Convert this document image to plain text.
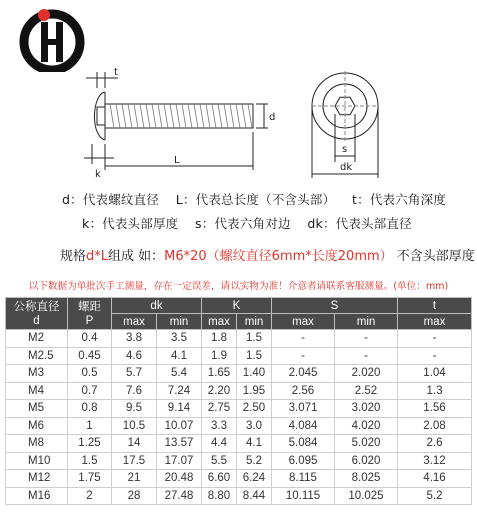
t
d
k
L
s
dk
d：代表螺纹直径 L：代表总长度（不含头部） t：代表六角深度
k：代表头部厚度 s：代表六角对边 dk：代表头部直径
规格d*L组成 如：M6*20（螺纹直径6mm*长度20mm） 不含头部厚度
以下数据为单批次手工测量，存在一定误差，请以实物为准！介意者请联系客服测量。(单位：mm)
公称直径
d	螺距
P	dk		K		S		t
		max	min	max	min	max	min	max
M2	0.4	3.8	3.5	1.8	1.5	-	-	-
M2.5	0.45	4.6	4.1	1.9	1.5	-	-	-
M3	0.5	5.7	5.4	1.65	1.40	2.045	2.020	1.04
M4	0.7	7.6	7.24	2.20	1.95	2.56	2.52	1.3
M5	0.8	9.5	9.14	2.75	2.50	3.071	3.020	1.56
M6	1	10.5	10.07	3.3	3.0	4.084	4.020	2.08
M8	1.25	14	13.57	4.4	4.1	5.084	5.020	2.6
M10	1.5	17.5	17.07	5.5	5.2	6.095	6.020	3.12
M12	1.75	21	20.48	6.60	6.24	8.115	8.025	4.16
M16	2	28	27.48	8.80	8.44	10.115	10.025	5.2
